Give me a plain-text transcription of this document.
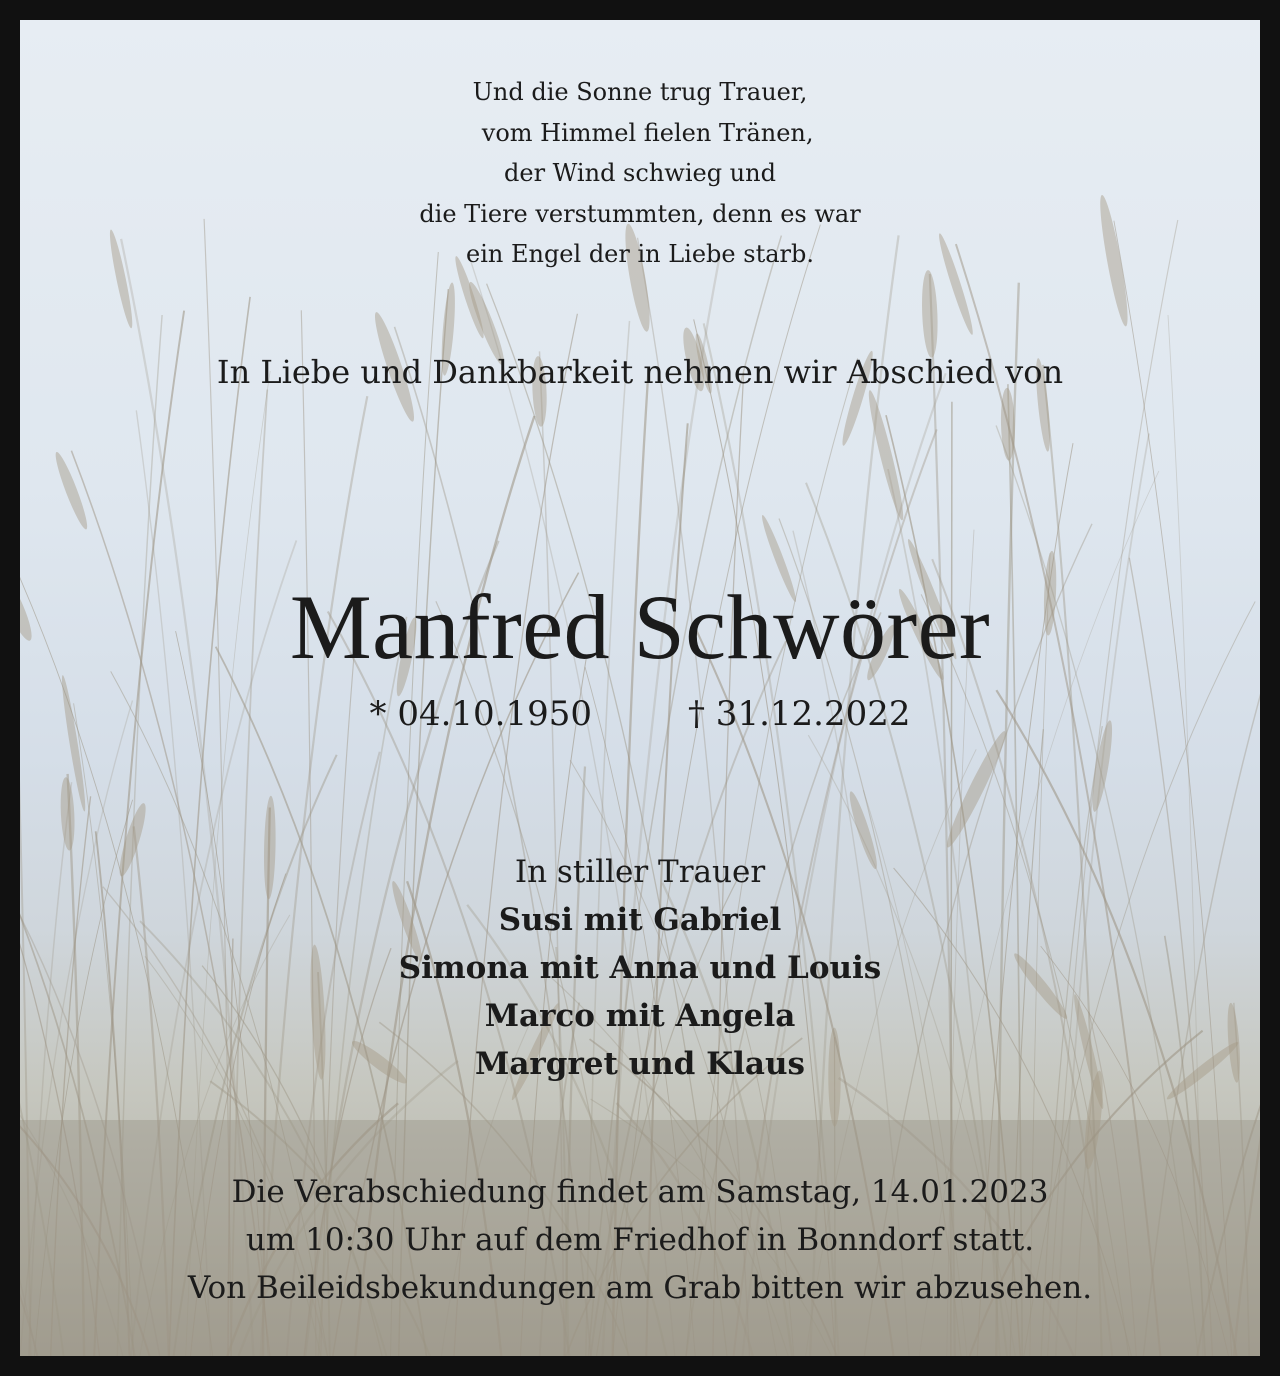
Und die Sonne trug Trauer,
vom Himmel fielen Tränen,
der Wind schwieg und
die Tiere verstummten, denn es war
ein Engel der in Liebe starb.
In Liebe und Dankbarkeit nehmen wir Abschied von
Manfred Schwörer
* 04.10.1950	† 31.12.2022
In stiller Trauer
Susi mit Gabriel
Simona mit Anna und Louis
Marco mit Angela
Margret und Klaus
Die Verabschiedung findet am Samstag, 14.01.2023
um 10:30 Uhr auf dem Friedhof in Bonndorf statt.
Von Beileidsbekundungen am Grab bitten wir abzusehen.
